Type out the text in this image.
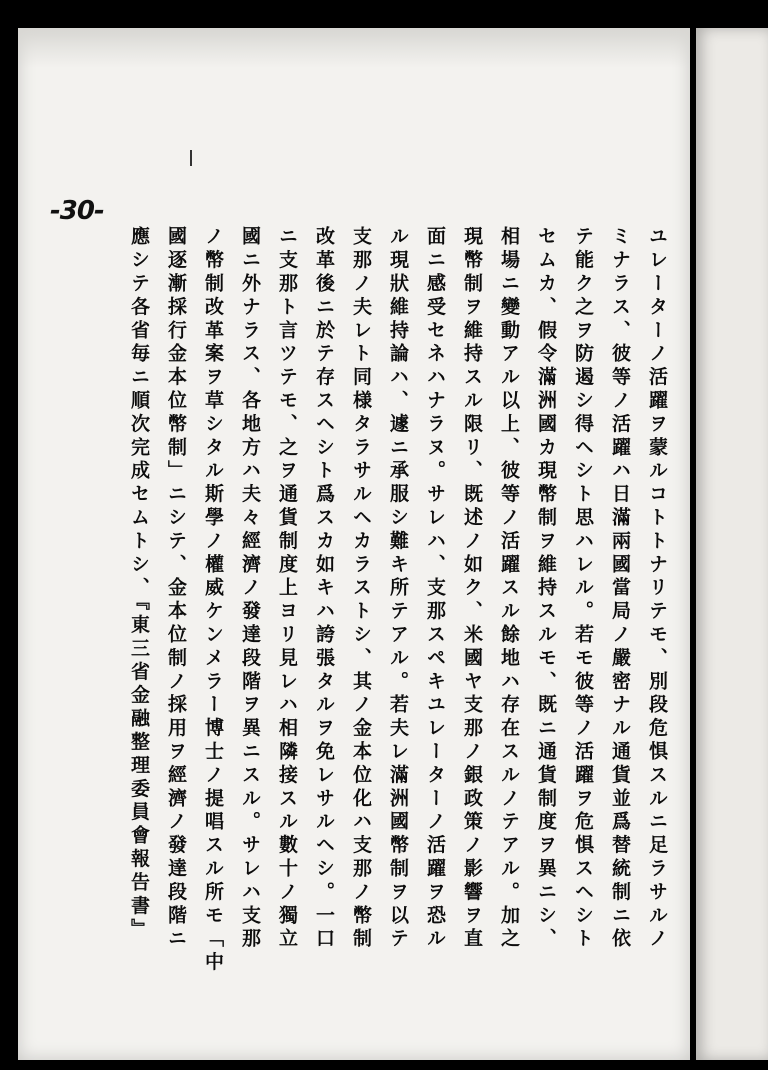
-30-
ユレーターノ活躍ヲ蒙ルコトトナリテモ、別段危惧スルニ足ラサルノ
ミナラス、彼等ノ活躍ハ日滿兩國當局ノ嚴密ナル通貨並爲替統制ニ依
テ能ク之ヲ防遏シ得ヘシト思ハレル。若モ彼等ノ活躍ヲ危惧スヘシト
セムカ、假令滿洲國カ現幣制ヲ維持スルモ、既ニ通貨制度ヲ異ニシ、
相場ニ變動アル以上、彼等ノ活躍スル餘地ハ存在スルノテアル。加之
現幣制ヲ維持スル限リ、既述ノ如ク、米國ヤ支那ノ銀政策ノ影響ヲ直
面ニ感受セネハナラヌ。サレハ、支那スペキユレーターノ活躍ヲ恐ル
ル現狀維持論ハ、遽ニ承服シ難キ所テアル。若夫レ滿洲國幣制ヲ以テ
支那ノ夫レト同様タラサルヘカラストシ、其ノ金本位化ハ支那ノ幣制
改革後ニ於テ存スヘシト爲スカ如キハ誇張タルヲ免レサルヘシ。一口
ニ支那ト言ツテモ、之ヲ通貨制度上ヨリ見レハ相隣接スル數十ノ獨立
國ニ外ナラス、各地方ハ夫々經濟ノ發達段階ヲ異ニスル。サレハ支那
ノ幣制改革案ヲ草シタル斯學ノ權威ケンメラー博士ノ提唱スル所モ「中
國逐漸採行金本位幣制」ニシテ、金本位制ノ採用ヲ經濟ノ發達段階ニ
應シテ各省毎ニ順次完成セムトシ、『東三省金融整理委員會報告書』
